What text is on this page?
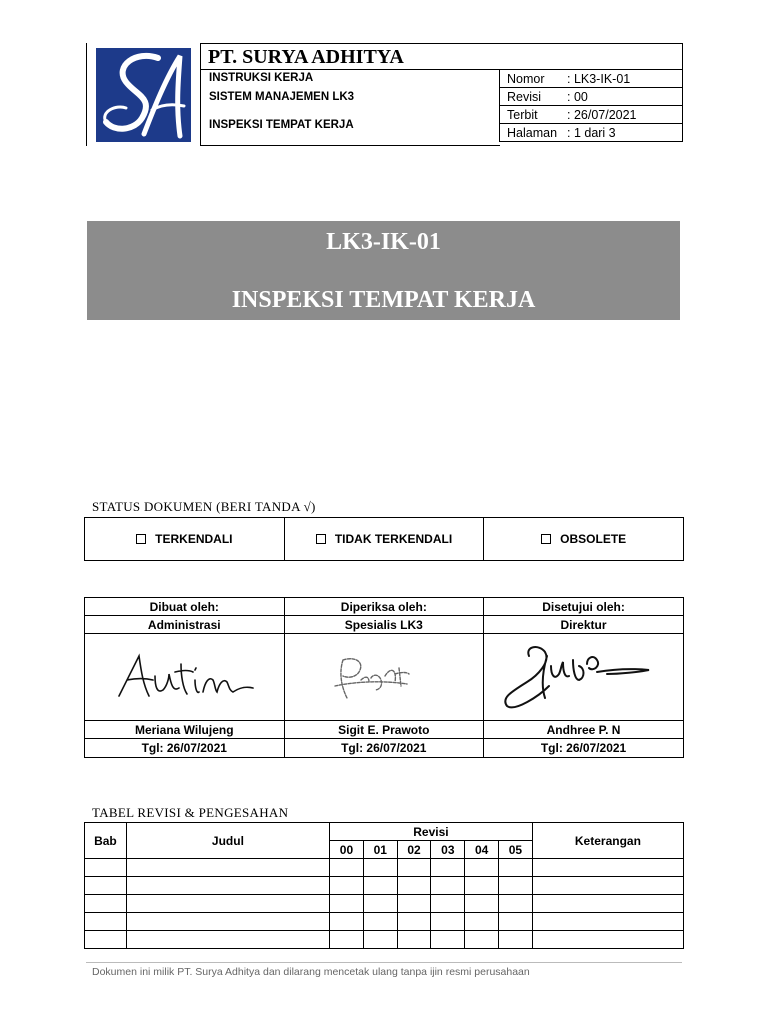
PT. SURYA ADHITYA
INSTRUKSI KERJA
SISTEM MANAJEMEN LK3
INSPEKSI TEMPAT KERJA
Nomor : LK3-IK-01
Revisi : 00
Terbit : 26/07/2021
Halaman : 1 dari 3
LK3-IK-01
INSPEKSI TEMPAT KERJA
STATUS DOKUMEN (BERI TANDA √)
TERKENDALI	TIDAK TERKENDALI	OBSOLETE
Dibuat oleh:	Diperiksa oleh:	Disetujui oleh:
Administrasi	Spesialis LK3	Direktur

Meriana Wilujeng	Sigit E. Prawoto	Andhree P. N
Tgl: 26/07/2021	Tgl: 26/07/2021	Tgl: 26/07/2021
TABEL REVISI & PENGESAHAN
Bab	Judul	Revisi						Keterangan
		00	01	02	03	04	05	

Dokumen ini milik PT. Surya Adhitya dan dilarang mencetak ulang tanpa ijin resmi perusahaan
